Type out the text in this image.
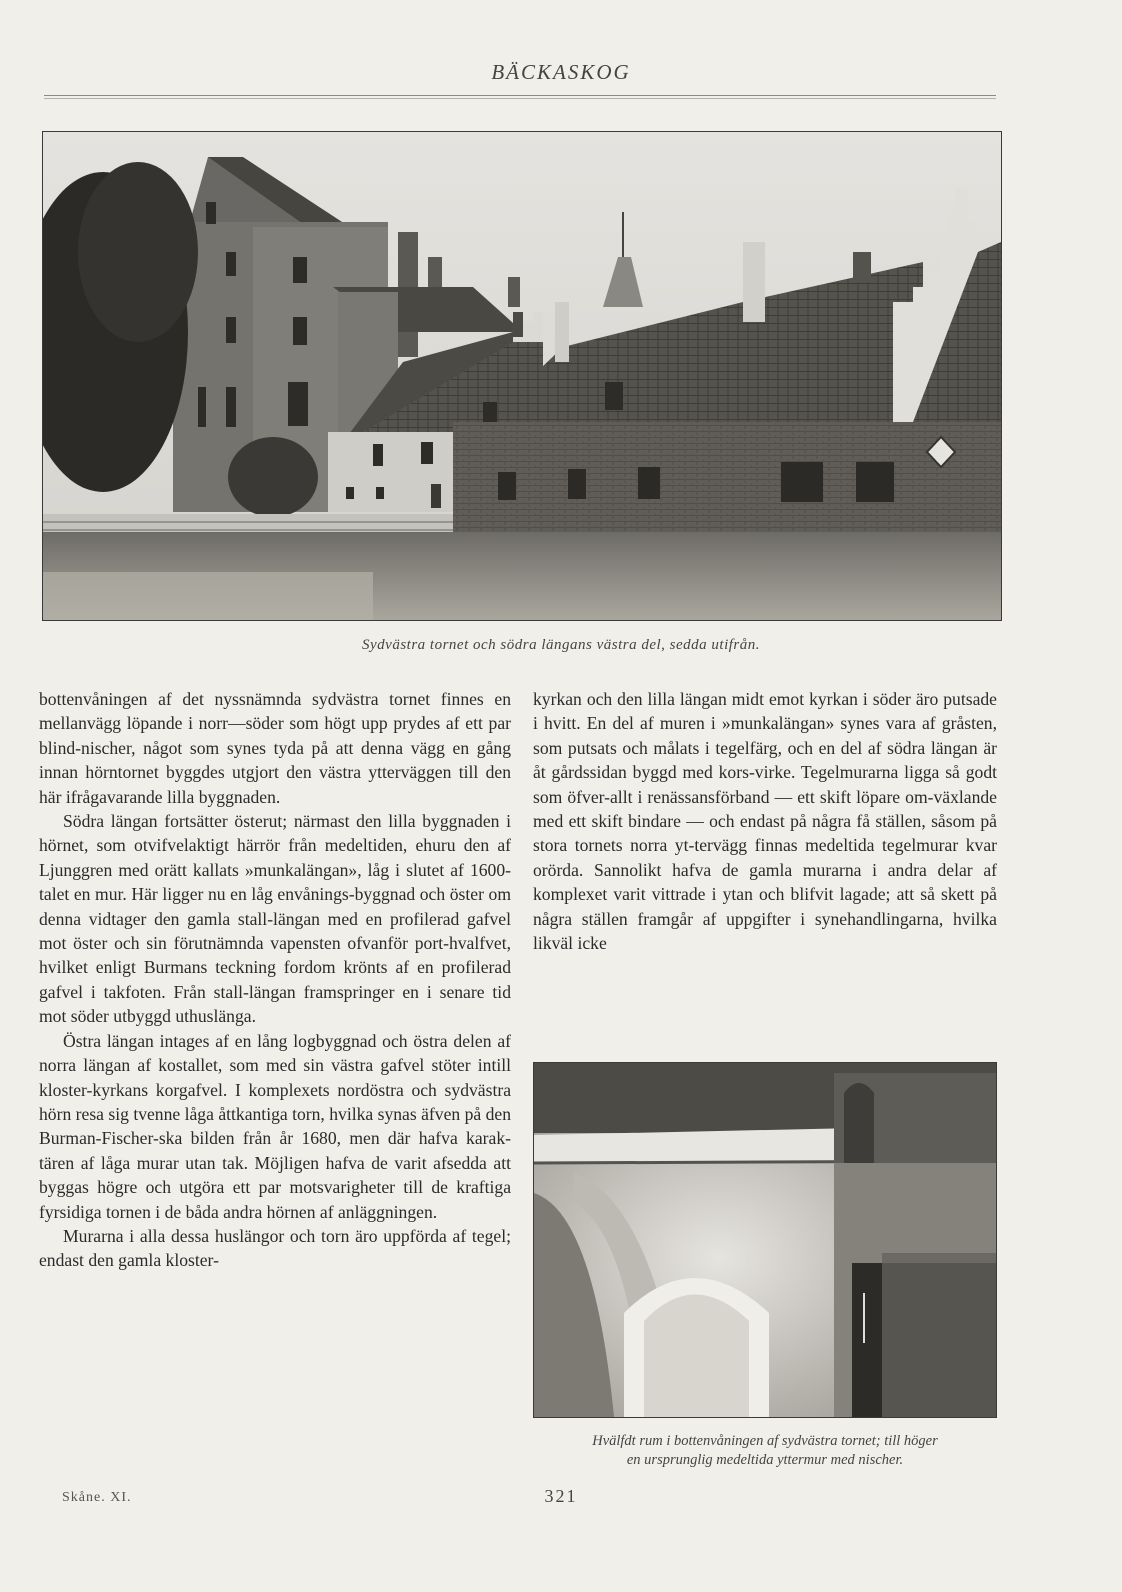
BÄCKASKOG
Sydvästra tornet och södra längans västra del, sedda utifrån.

bottenvåningen af det nyssnämnda sydvästra tornet finnes en mellanvägg löpande i norr—söder som högt upp prydes af ett par blind-nischer, något som synes tyda på att denna vägg en gång innan hörntornet byggdes utgjort den västra ytterväggen till den här ifrågavarande lilla byggnaden.

Södra längan fortsätter österut; närmast den lilla byggnaden i hörnet, som otvifvelaktigt härrör från medeltiden, ehuru den af Ljunggren med orätt kallats »munkalängan», låg i slutet af 1600-talet en mur. Här ligger nu en låg envånings-byggnad och öster om denna vidtager den gamla stall-längan med en profilerad gafvel mot öster och sin förutnämnda vapensten ofvanför port-hvalfvet, hvilket enligt Burmans teckning fordom krönts af en profilerad gafvel i takfoten. Från stall-längan framspringer en i senare tid mot söder utbyggd uthuslänga.

Östra längan intages af en lång logbyggnad och östra delen af norra längan af kostallet, som med sin västra gafvel stöter intill kloster-kyrkans korgafvel. I komplexets nordöstra och sydvästra hörn resa sig tvenne låga åttkantiga torn, hvilka synas äfven på den Burman-Fischer-ska bilden från år 1680, men där hafva karak-tären af låga murar utan tak. Möjligen hafva de varit afsedda att byggas högre och utgöra ett par motsvarigheter till de kraftiga fyrsidiga tornen i de båda andra hörnen af anläggningen.

Murarna i alla dessa huslängor och torn äro uppförda af tegel; endast den gamla kloster-

kyrkan och den lilla längan midt emot kyrkan i söder äro putsade i hvitt. En del af muren i »munkalängan» synes vara af gråsten, som putsats och målats i tegelfärg, och en del af södra längan är åt gårdssidan byggd med kors-virke. Tegelmurarna ligga så godt som öfver-allt i renässansförband — ett skift löpare om-växlande med ett skift bindare — och endast på några få ställen, såsom på stora tornets norra yt-tervägg finnas medeltida tegelmurar kvar orörda. Sannolikt hafva de gamla murarna i andra delar af komplexet varit vittrade i ytan och blifvit lagade; att så skett på några ställen framgår af uppgifter i synehandlingarna, hvilka likväl icke

Hvälfdt rum i bottenvåningen af sydvästra tornet; till höger
en ursprunglig medeltida yttermur med nischer.
Skåne. XI.	321
